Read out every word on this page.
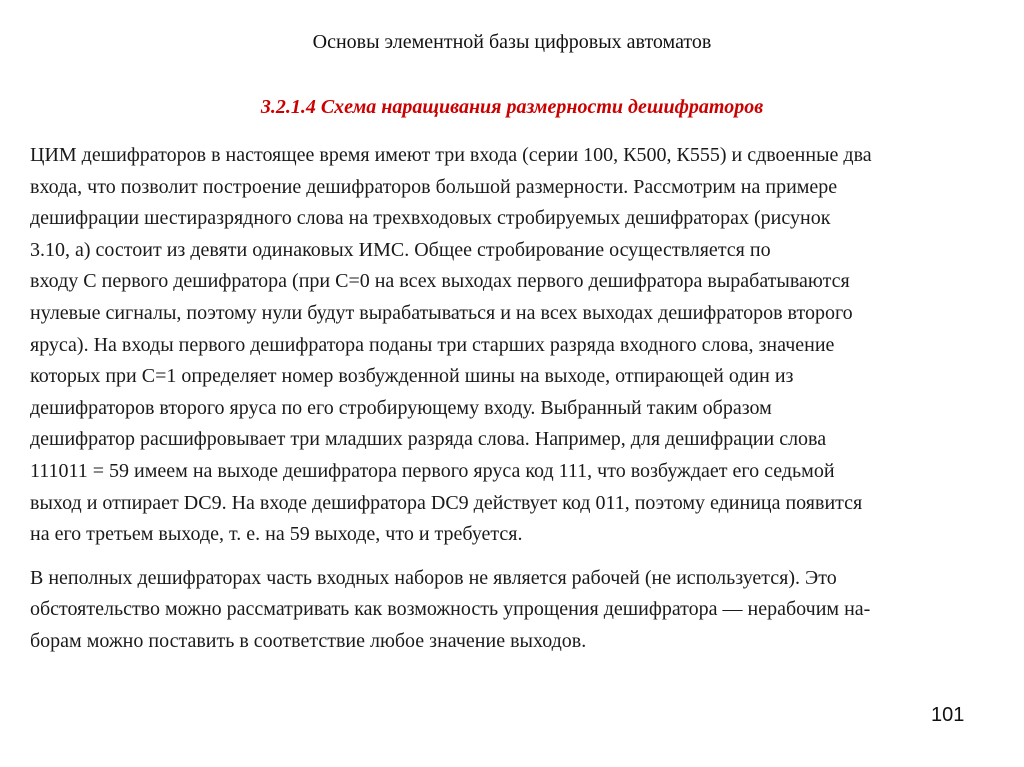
Основы элементной базы цифровых автоматов
3.2.1.4 Схема наращивания размерности дешифраторов

ЦИМ дешифраторов в настоящее время имеют три входа (серии 100, К500, К555) и сдвоенные два
входа, что позволит построение дешифраторов большой размерности. Рассмотрим на примере
дешифрации шестиразрядного слова на трехвходовых стробируемых дешифраторах (рисунок
3.10, а) состоит из девяти одинаковых ИМС. Общее стробирование осуществляется по
входу С первого дешифратора (при С=0 на всех выходах первого дешифратора вырабатываются
нулевые сигналы, поэтому нули будут вырабатываться и на всех выходах дешифраторов второго
яруса). На входы первого дешифратора поданы три старших разряда входного слова, значение
которых при С=1 определяет номер возбужденной шины на выходе, отпирающей один из
дешифраторов второго яруса по его стробирующему входу. Выбранный таким образом
дешифратор расшифровывает три младших разряда слова. Например, для дешифрации слова
111011 = 59 имеем на выходе дешифратора первого яруса код 111, что возбуждает его седьмой
выход и отпирает DC9. На входе дешифратора DC9 действует код 011, поэтому единица появится
на его третьем выходе, т. е. на 59 выходе, что и требуется.

В неполных дешифраторах часть входных наборов не является рабочей (не используется). Это
обстоятельство можно рассматривать как возможность упрощения дешифратора — нерабочим на-
борам можно поставить в соответствие любое значение выходов.

101
